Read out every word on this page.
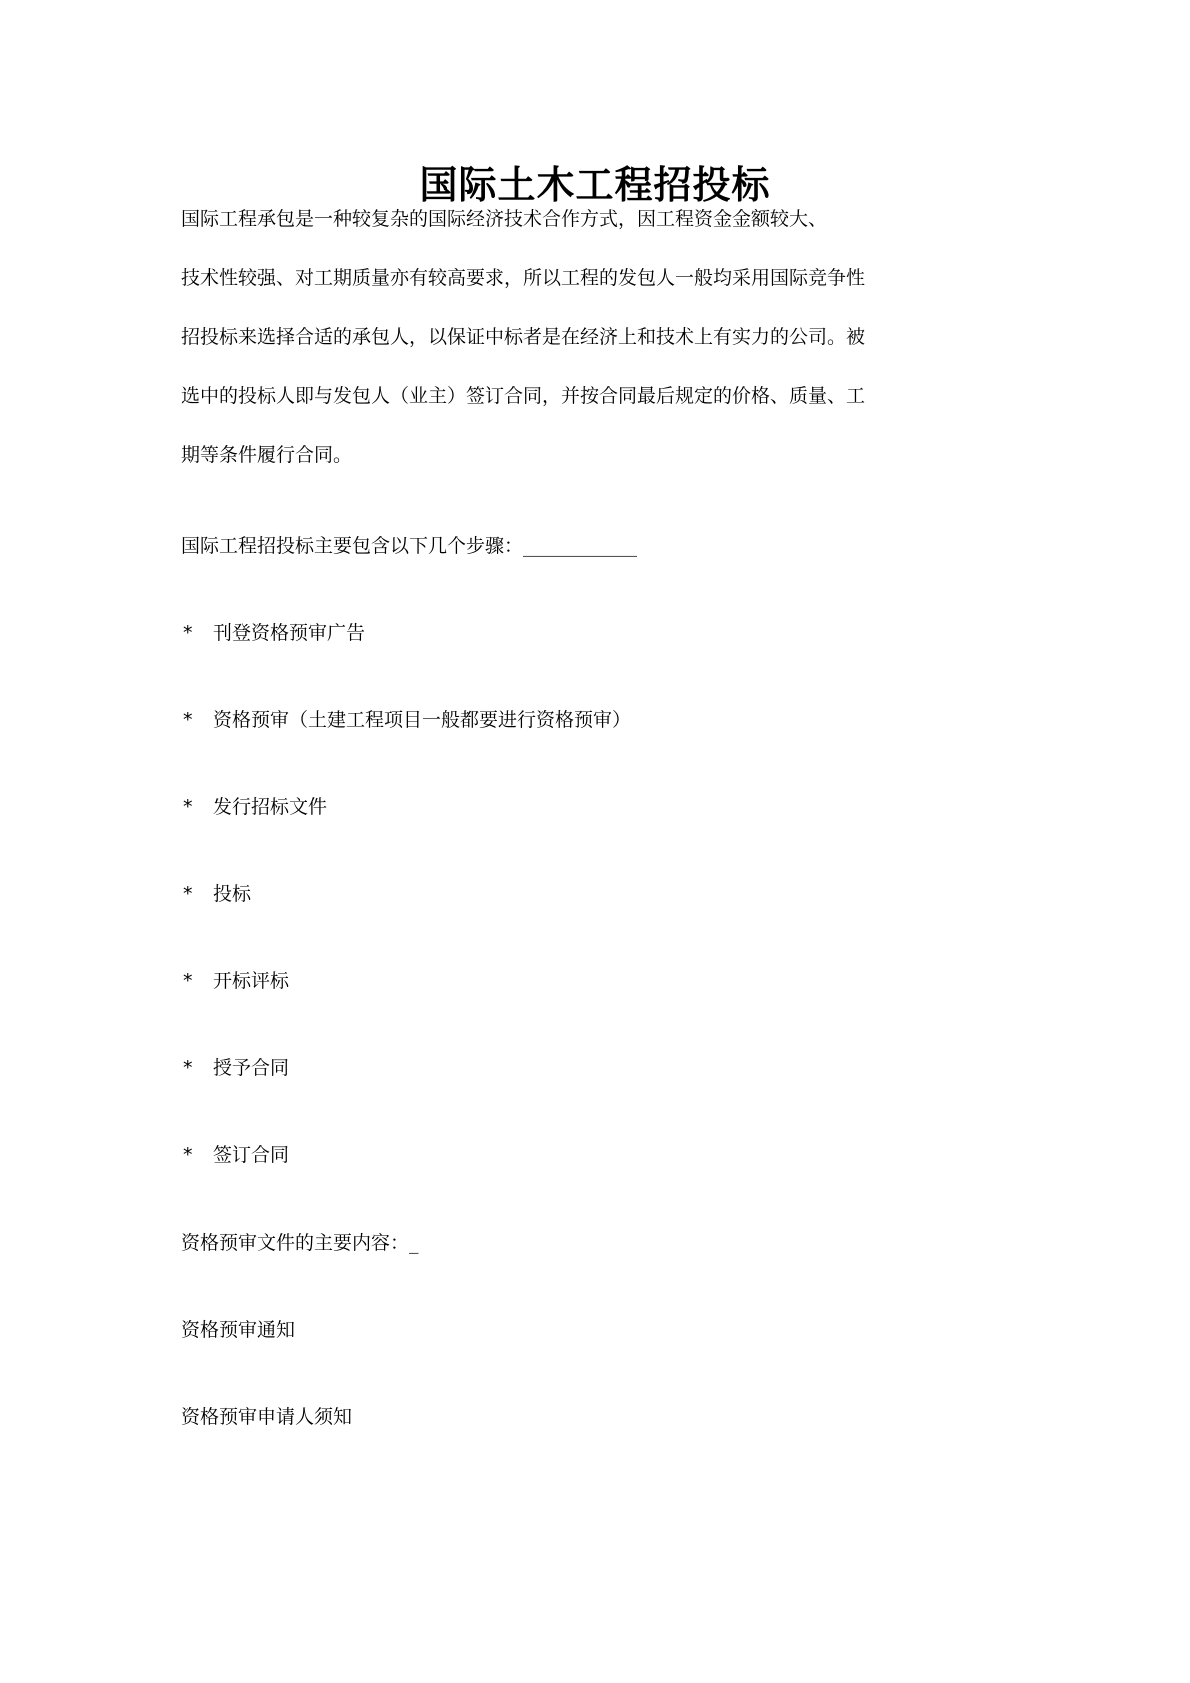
国际土木工程招投标
国际工程承包是一种较复杂的国际经济技术合作方式，因工程资金金额较大、
技术性较强、对工期质量亦有较高要求，所以工程的发包人一般均采用国际竞争性
招投标来选择合适的承包人，以保证中标者是在经济上和技术上有实力的公司。被
选中的投标人即与发包人（业主）签订合同，并按合同最后规定的价格、质量、工
期等条件履行合同。
国际工程招投标主要包含以下几个步骤：____________
* 刊登资格预审广告
* 资格预审（土建工程项目一般都要进行资格预审）
* 发行招标文件
* 投标
* 开标评标
* 授予合同
* 签订合同
资格预审文件的主要内容：_
资格预审通知
资格预审申请人须知
